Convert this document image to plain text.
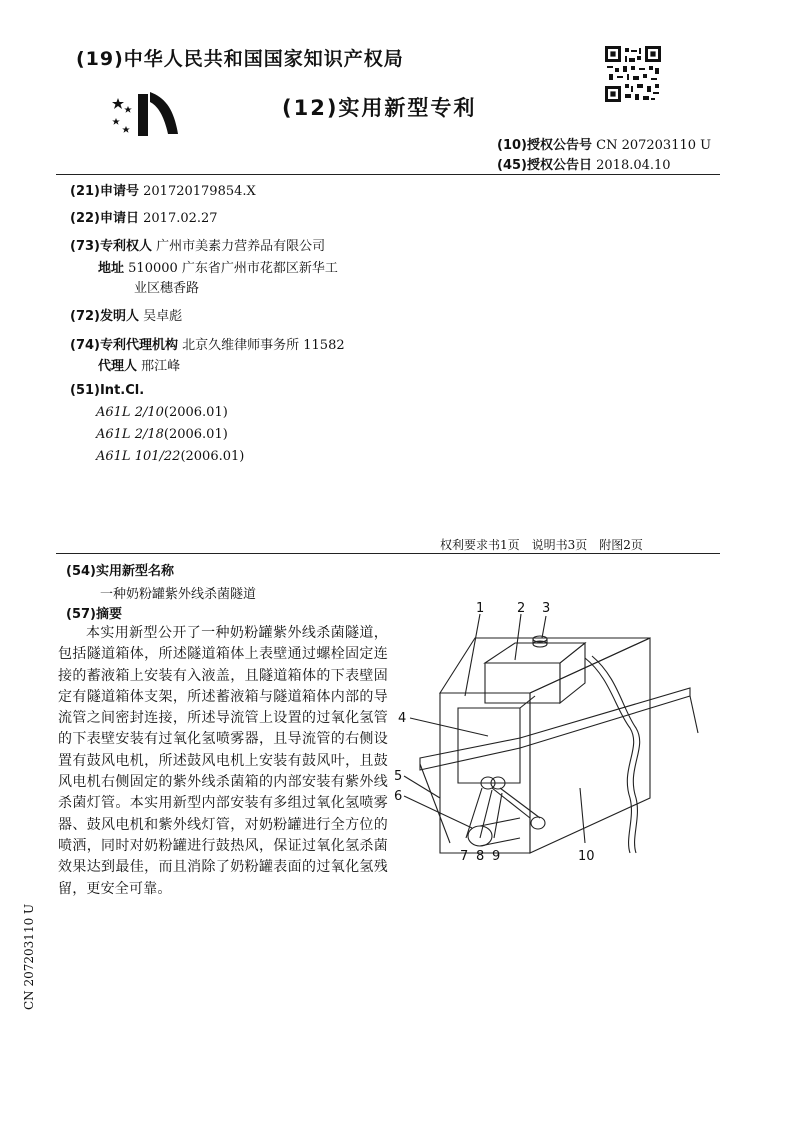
(19)中华人民共和国国家知识产权局
(12)实用新型专利
(10)授权公告号 CN 207203110 U
(45)授权公告日 2018.04.10
(21)申请号 201720179854.X
(22)申请日 2017.02.27
(73)专利权人 广州市美素力营养品有限公司
地址 510000 广东省广州市花都区新华工
业区穗香路
(72)发明人 吴卓彪
(74)专利代理机构 北京久维律师事务所 11582
代理人 邢江峰
(51)Int.Cl.
A61L 2/10(2006.01)
A61L 2/18(2006.01)
A61L 101/22(2006.01)
权利要求书1页　说明书3页　附图2页
(54)实用新型名称
一种奶粉罐紫外线杀菌隧道
(57)摘要
本实用新型公开了一种奶粉罐紫外线杀菌隧道，包括隧道箱体，所述隧道箱体上表壁通过螺栓固定连接的蓄液箱上安装有入液盖，且隧道箱体的下表壁固定有隧道箱体支架，所述蓄液箱与隧道箱体内部的导流管之间密封连接，所述导流管上设置的过氧化氢管的下表壁安装有过氧化氢喷雾器，且导流管的右侧设置有鼓风电机，所述鼓风电机上安装有鼓风叶，且鼓风电机右侧固定的紫外线杀菌箱的内部安装有紫外线杀菌灯管。本实用新型内部安装有多组过氧化氢喷雾器、鼓风电机和紫外线灯管，对奶粉罐进行全方位的喷洒，同时对奶粉罐进行鼓热风，保证过氧化氢杀菌效果达到最佳，而且消除了奶粉罐表面的过氧化氢残留，更安全可靠。
CN 207203110 U
1	2 3
4
5
6
7 8 9	10
